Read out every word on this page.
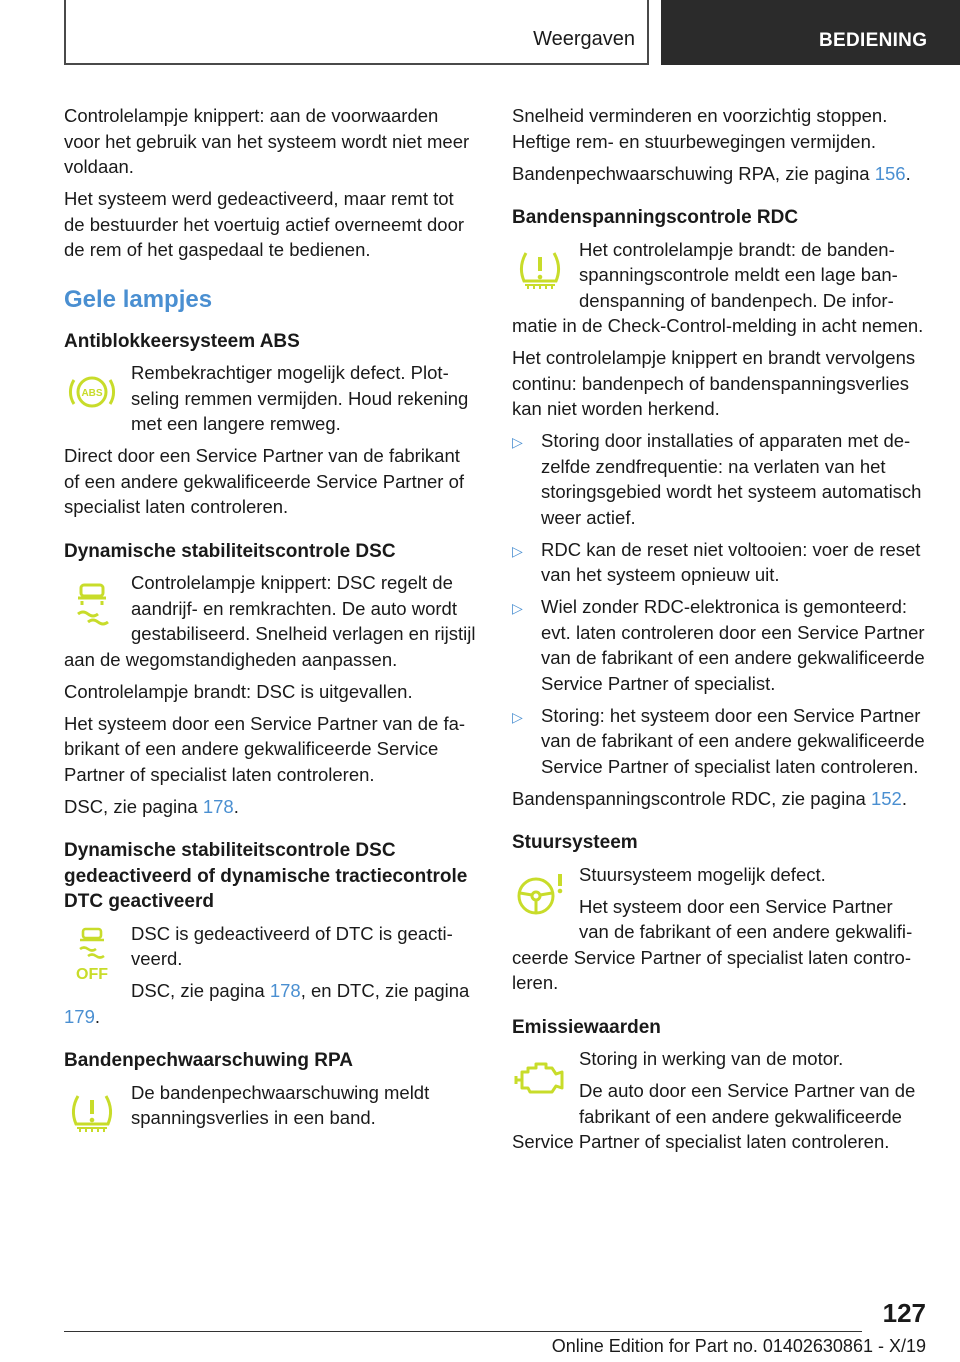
Weergaven	BEDIENING

Controlelampje knippert: aan de voorwaarden voor het gebruik van het systeem wordt niet meer voldaan.

Het systeem werd gedeactiveerd, maar remt tot de bestuurder het voertuig actief overneemt door de rem of het gaspedaal te bedienen.

Gele lampjes
Antiblokkeersysteem ABS
ABS

Rembekrachtiger mogelijk defect. Plotseling remmen vermijden. Houd rekening met een langere remweg.

Direct door een Service Partner van de fabrikant of een andere gekwalificeerde Service Partner of specialist laten controleren.

Dynamische stabiliteitscontrole DSC

Controlelampje knippert: DSC regelt de aandrijf- en remkrachten. De auto wordt gestabiliseerd. Snelheid verlagen en rijstijl aan de wegomstandigheden aanpassen.

Controlelampje brandt: DSC is uitgevallen.

Het systeem door een Service Partner van de fabrikant of een andere gekwalificeerde Service Partner of specialist laten controleren.

DSC, zie pagina 178.

Dynamische stabiliteitscontrole DSC gedeactiveerd of dynamische tractiecontrole DTC geactiveerd
OFF

DSC is gedeactiveerd of DTC is geactiveerd.

DSC, zie pagina 178, en DTC, zie pagina 179.

Bandenpechwaarschuwing RPA

De bandenpechwaarschuwing meldt spanningsverlies in een band.

Snelheid verminderen en voorzichtig stoppen. Heftige rem- en stuurbewegingen vermijden.

Bandenpechwaarschuwing RPA, zie pagina 156.

Bandenspanningscontrole RDC

Het controlelampje brandt: de bandenspanningscontrole meldt een lage bandenspanning of bandenpech. De informatie in de Check-Control-melding in acht nemen.

Het controlelampje knippert en brandt vervolgens continu: bandenpech of bandenspanningsverlies kan niet worden herkend.

▷ Storing door installaties of apparaten met dezelfde zendfrequentie: na verlaten van het storingsgebied wordt het systeem automatisch weer actief.
▷ RDC kan de reset niet voltooien: voer de reset van het systeem opnieuw uit.
▷ Wiel zonder RDC-elektronica is gemonteerd: evt. laten controleren door een Service Partner van de fabrikant of een andere gekwalificeerde Service Partner of specialist.
▷ Storing: het systeem door een Service Partner van de fabrikant of een andere gekwalificeerde Service Partner of specialist laten controleren.

Bandenspanningscontrole RDC, zie pagina 152.

Stuursysteem

Stuursysteem mogelijk defect.

Het systeem door een Service Partner van de fabrikant of een andere gekwalificeerde Service Partner of specialist laten controleren.

Emissiewaarden

Storing in werking van de motor.

De auto door een Service Partner van de fabrikant of een andere gekwalificeerde Service Partner of specialist laten controleren.

127
Online Edition for Part no. 01402630861 - X/19
